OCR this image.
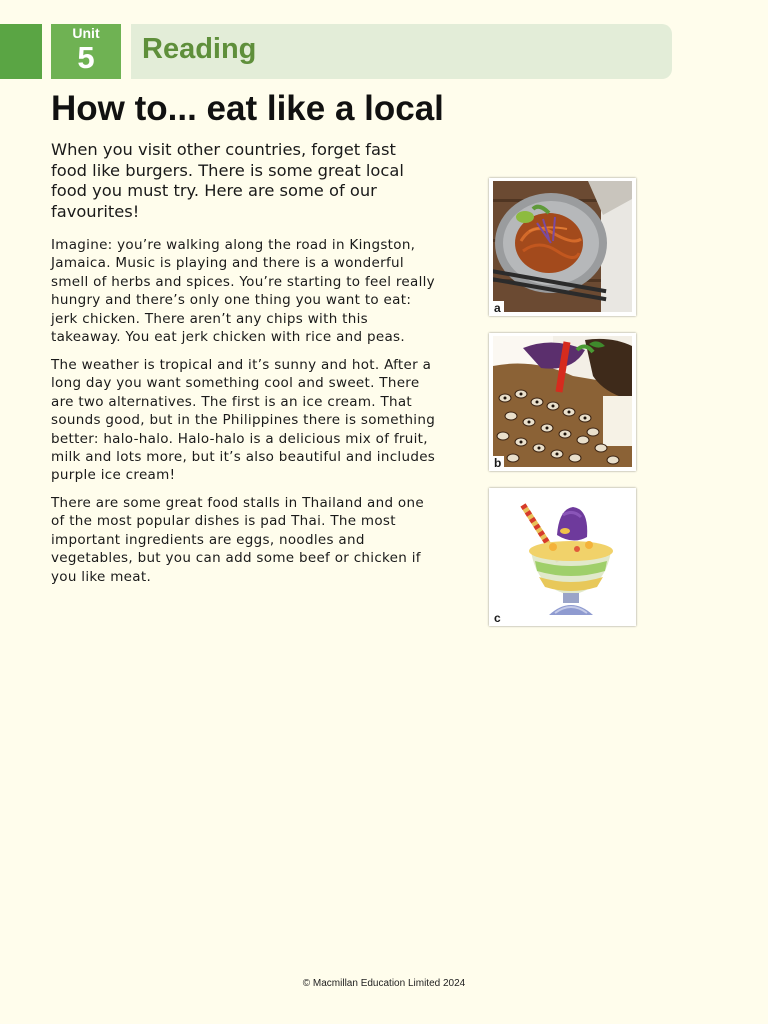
Unit
5	Reading
How to... eat like a local

When you visit other countries, forget fast food like burgers. There is some great local food you must try. Here are some of our favourites!

Imagine: you’re walking along the road in Kingston, Jamaica. Music is playing and there is a wonderful smell of herbs and spices. You’re starting to feel really hungry and there’s only one thing you want to eat: jerk chicken. There aren’t any chips with this takeaway. You eat jerk chicken with rice and peas.

The weather is tropical and it’s sunny and hot. After a long day you want something cool and sweet. There are two alternatives. The first is an ice cream. That sounds good, but in the Philippines there is something better: halo-halo. Halo-halo is a delicious mix of fruit, milk and lots more, but it’s also beautiful and includes purple ice cream!

There are some great food stalls in Thailand and one of the most popular dishes is pad Thai. The most important ingredients are eggs, noodles and vegetables, but you can add some beef or chicken if you like meat.

a
b
c
© Macmillan Education Limited 2024
